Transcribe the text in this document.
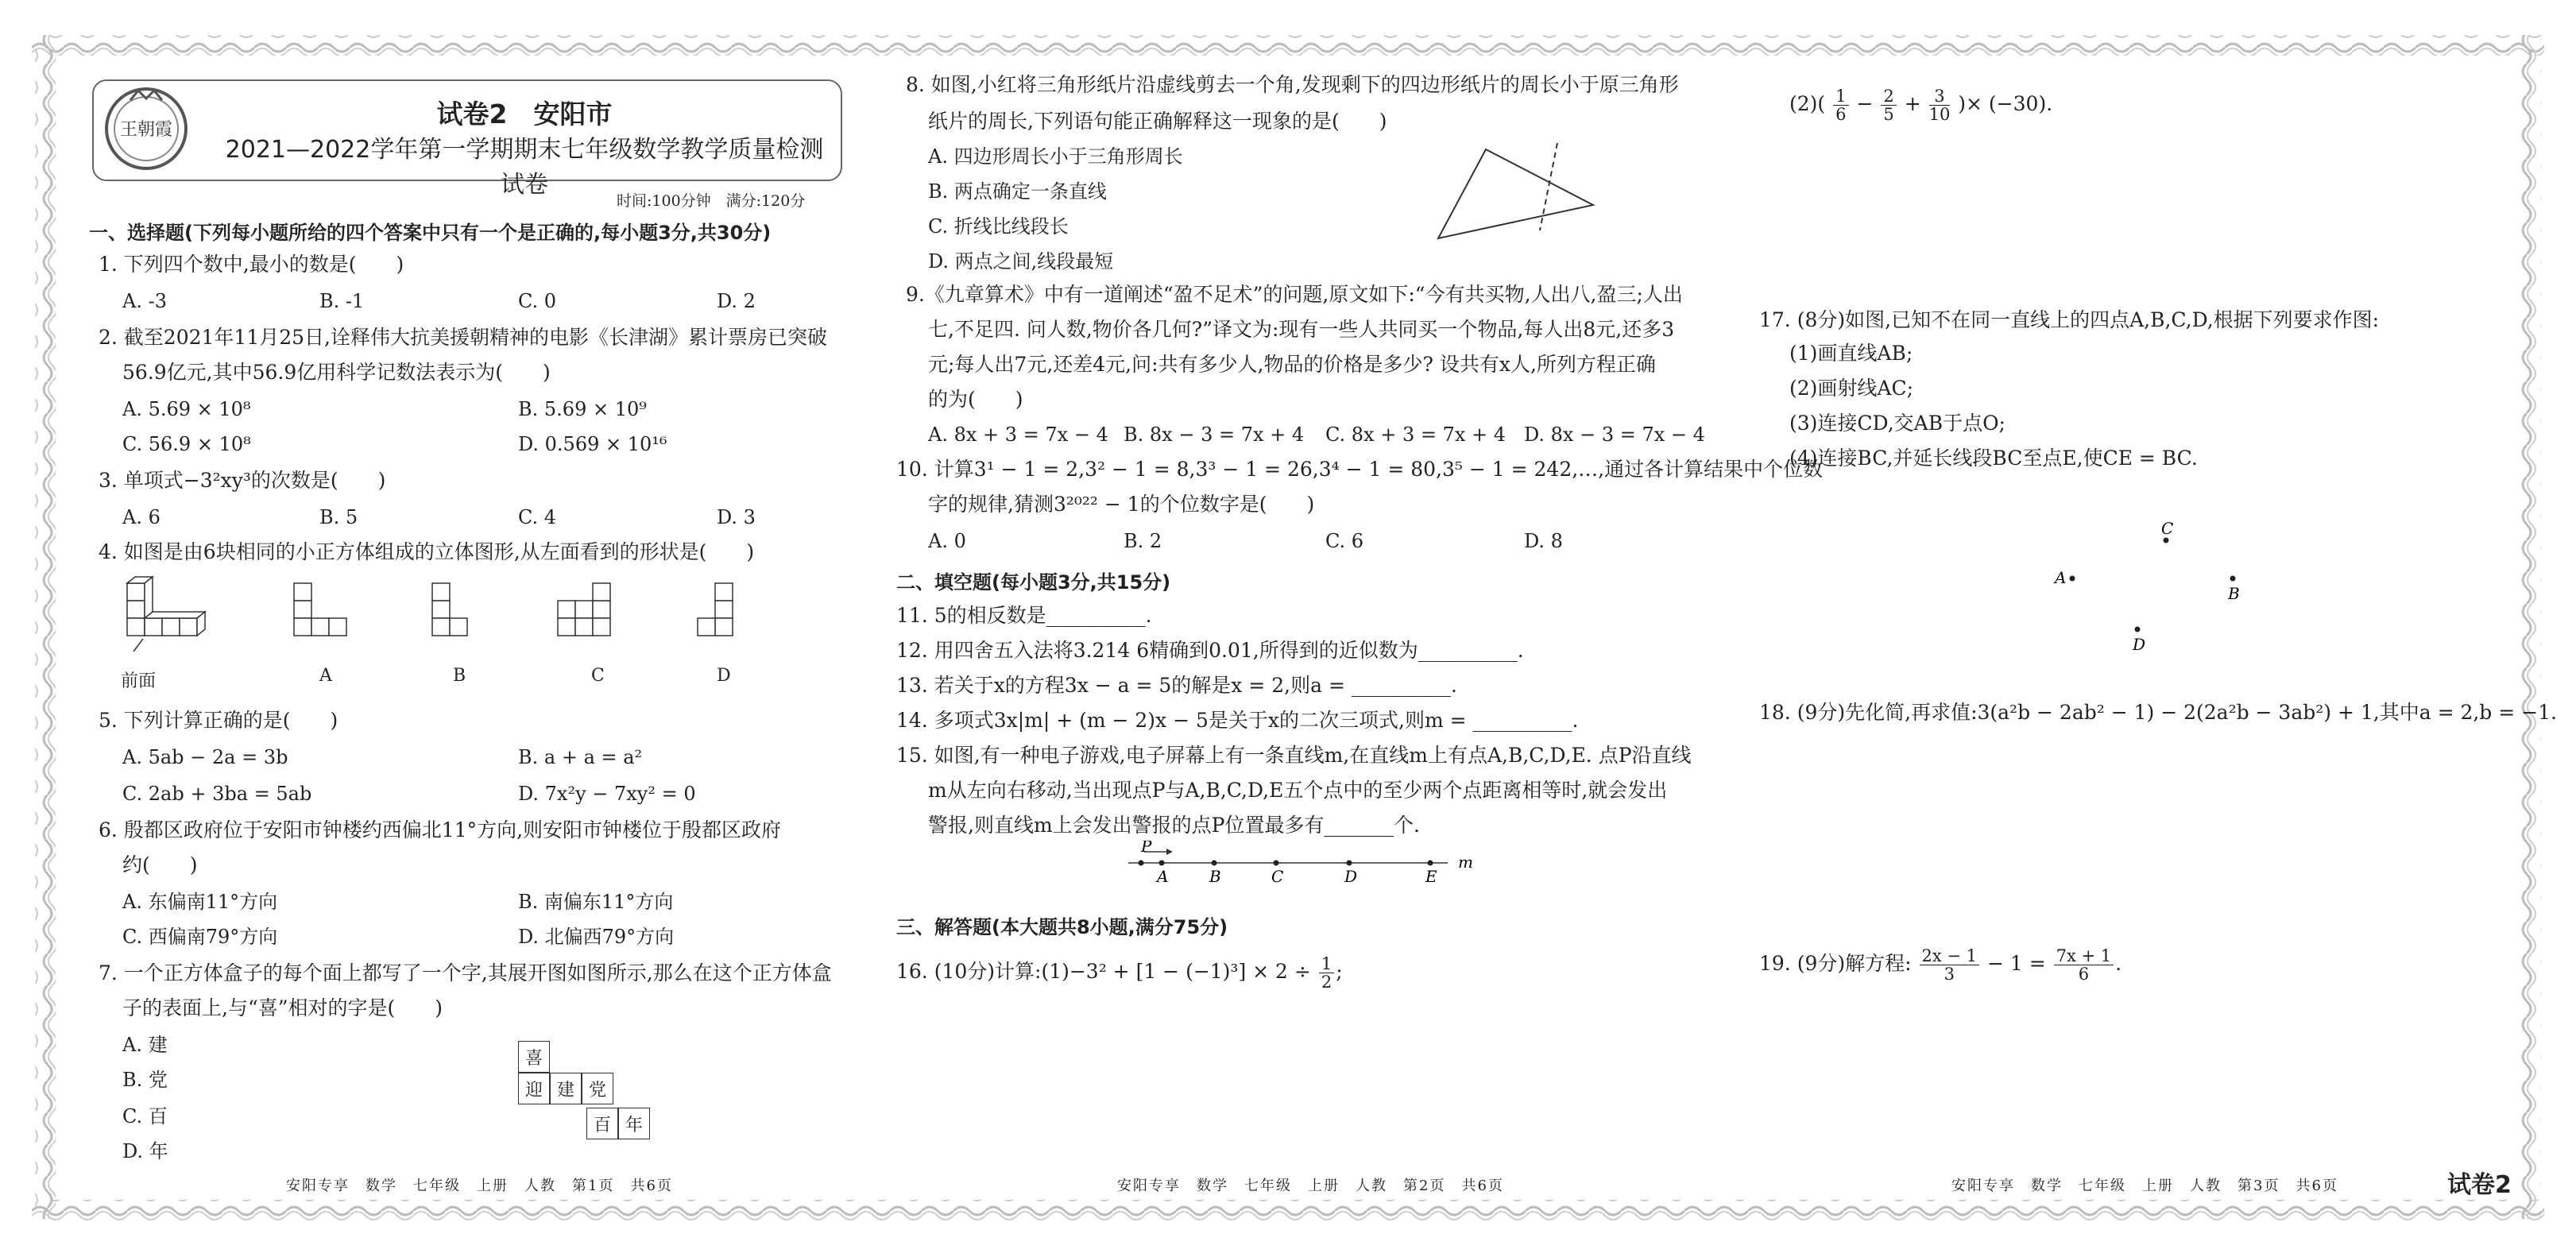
王朝霞
试卷2　安阳市
2021—2022学年第一学期期末七年级数学教学质量检测试卷
时间:100分钟　满分:120分
一、选择题(下列每小题所给的四个答案中只有一个是正确的,每小题3分,共30分)
1. 下列四个数中,最小的数是(　　)
A. -3	B. -1	C. 0	D. 2
2. 截至2021年11月25日,诠释伟大抗美援朝精神的电影《长津湖》累计票房已突破
56.9亿元,其中56.9亿用科学记数法表示为(　　)
A. 5.69 × 10⁸	B. 5.69 × 10⁹
C. 56.9 × 10⁸	D. 0.569 × 10¹⁶
3. 单项式−3²xy³的次数是(　　)
A. 6	B. 5	C. 4	D. 3
4. 如图是由6块相同的小正方体组成的立体图形,从左面看到的形状是(　　)
前面	A	B	C	D
5. 下列计算正确的是(　　)
A. 5ab − 2a = 3b	B. a + a = a²
C. 2ab + 3ba = 5ab	D. 7x²y − 7xy² = 0
6. 殷都区政府位于安阳市钟楼约西偏北11°方向,则安阳市钟楼位于殷都区政府
约(　　)
A. 东偏南11°方向	B. 南偏东11°方向
C. 西偏南79°方向	D. 北偏西79°方向
7. 一个正方体盒子的每个面上都写了一个字,其展开图如图所示,那么在这个正方体盒
子的表面上,与“喜”相对的字是(　　)
A. 建
B. 党
C. 百
D. 年
喜
迎 建 党
百 年
安阳专享　数学　七年级　上册　人教　第1页　共6页
8. 如图,小红将三角形纸片沿虚线剪去一个角,发现剩下的四边形纸片的周长小于原三角形
纸片的周长,下列语句能正确解释这一现象的是(　　)
A. 四边形周长小于三角形周长
B. 两点确定一条直线
C. 折线比线段长
D. 两点之间,线段最短
9.《九章算术》中有一道阐述“盈不足术”的问题,原文如下:“今有共买物,人出八,盈三;人出
七,不足四. 问人数,物价各几何?”译文为:现有一些人共同买一个物品,每人出8元,还多3
元;每人出7元,还差4元,问:共有多少人,物品的价格是多少? 设共有x人,所列方程正确
的为(　　)
A. 8x + 3 = 7x − 4 B. 8x − 3 = 7x + 4 C. 8x + 3 = 7x + 4 D. 8x − 3 = 7x − 4
10. 计算3¹ − 1 = 2,3² − 1 = 8,3³ − 1 = 26,3⁴ − 1 = 80,3⁵ − 1 = 242,…,通过各计算结果中个位数
字的规律,猜测3²⁰²² − 1的个位数字是(　　)
A. 0	B. 2	C. 6	D. 8
二、填空题(每小题3分,共15分)
11. 5的相反数是__________.
12. 用四舍五入法将3.214 6精确到0.01,所得到的近似数为__________.
13. 若关于x的方程3x − a = 5的解是x = 2,则a = __________.
14. 多项式3x|m| + (m − 2)x − 5是关于x的二次三项式,则m = __________.
15. 如图,有一种电子游戏,电子屏幕上有一条直线m,在直线m上有点A,B,C,D,E. 点P沿直线
m从左向右移动,当出现点P与A,B,C,D,E五个点中的至少两个点距离相等时,就会发出
警报,则直线m上会发出警报的点P位置最多有_______个.
P
A	B	C	D	E
m
三、解答题(本大题共8小题,满分75分)
16. (10分)计算:(1)−3² + $[1 - (-1)^3] \times 2 \div \frac{1}{2}$ ;
安阳专享　数学　七年级　上册　人教　第2页　共6页
$(2)( \frac{1}{6} - \frac{2}{5} + \frac{3}{10}$ )× (−30).
17. (8分)如图,已知不在同一直线上的四点A,B,C,D,根据下列要求作图:
(1)画直线AB;
(2)画射线AC;
(3)连接CD,交AB于点O;
(4)连接BC,并延长线段BC至点E,使CE = BC.
C
A
B
D
18. (9分)先化简,再求值:3(a²b − 2ab² − 1) − 2(2a²b − 3ab²) + 1,其中a = 2,b = −1.
19. (9分)解方程: $\frac{2x - 1}{3} - 1 = \frac{7x + 1}{6}$ .
安阳专享　数学　七年级　上册　人教　第3页　共6页	试卷2
